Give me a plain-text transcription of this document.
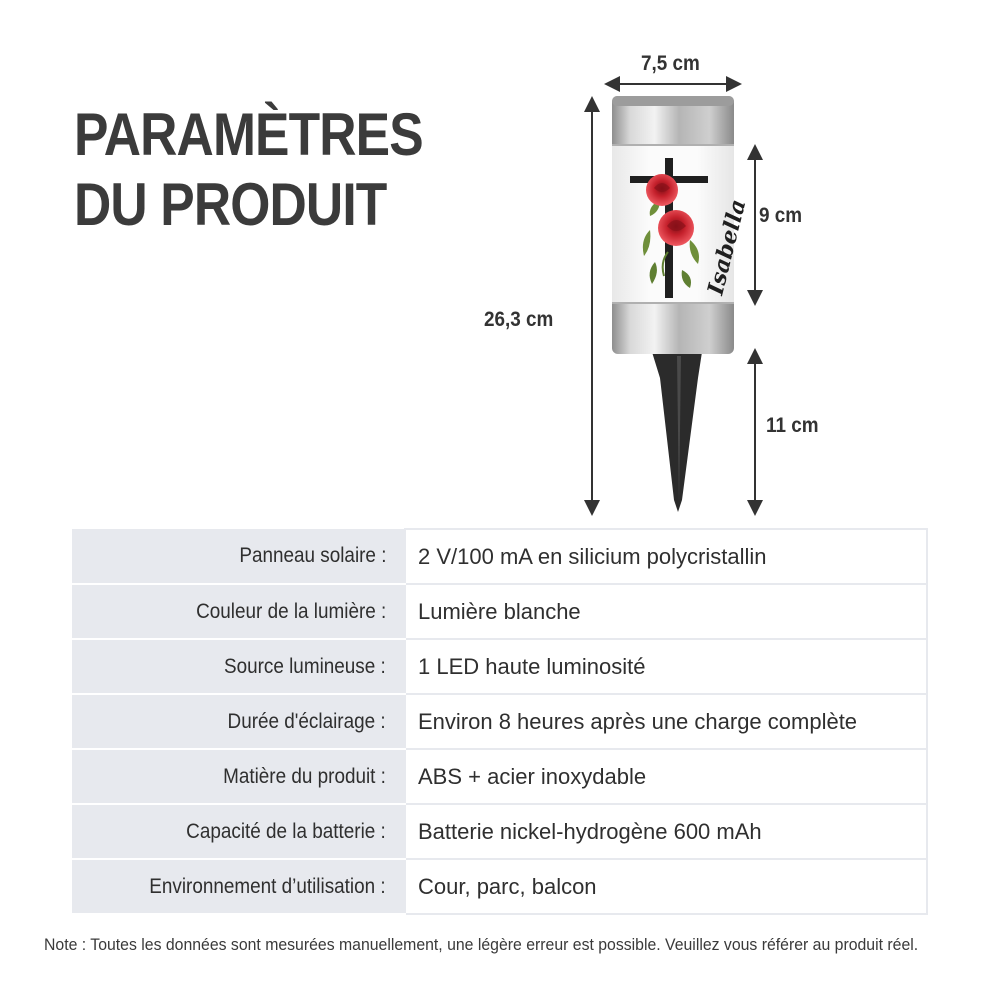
PARAMÈTRES
DU PRODUIT	Isabella
7,5 cm
26,3 cm
9 cm
11 cm
Panneau solaire :	2 V/100 mA en silicium polycristallin
Couleur de la lumière :	Lumière blanche
Source lumineuse :	1 LED haute luminosité
Durée d'éclairage :	Environ 8 heures après une charge complète
Matière du produit :	ABS + acier inoxydable
Capacité de la batterie :	Batterie nickel-hydrogène 600 mAh
Environnement d’utilisation :	Cour, parc, balcon

Note : Toutes les données sont mesurées manuellement, une légère erreur est possible. Veuillez vous référer au produit réel.
